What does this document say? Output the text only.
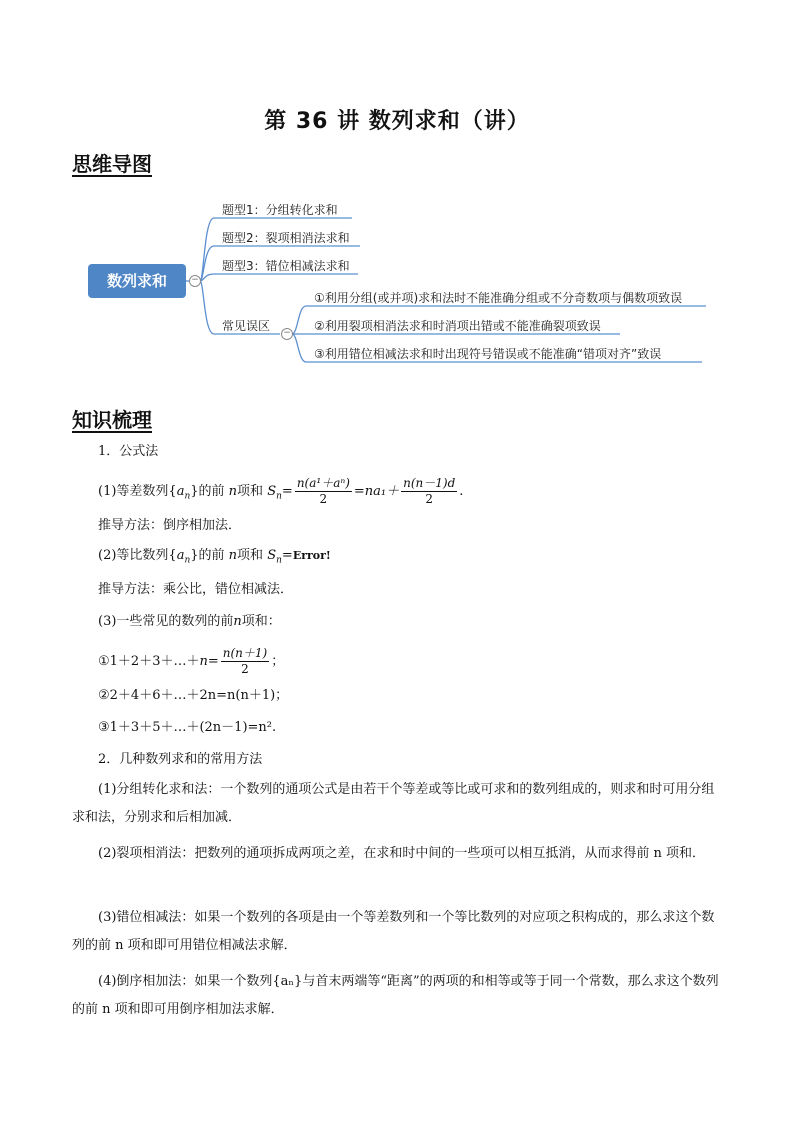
第 36 讲 数列求和（讲）
思维导图
数列求和	−
题型1：分组转化求和
题型2：裂项相消法求和
题型3：错位相减法求和
常见误区 −
①利用分组(或并项)求和法时不能准确分组或不分奇数项与偶数项致误
②利用裂项相消法求和时消项出错或不能准确裂项致误
③利用错位相减法求和时出现符号错误或不能准确“错项对齐”致误
知识梳理
1．公式法
(1)等差数列$\{a_n\}$的前 n项和 $S_n= \frac{\text{n(a¹＋aⁿ)}}{2} =na_1+ \frac{n(n-1)d}{2}$ .
推导方法：倒序相加法．
(2)等比数列$\{a_n\}$的前 n项和 $S_n=Error$!
推导方法：乘公比，错位相减法．
(3)一些常见的数列的前n项和：
①1＋2＋3＋…＋n= $\frac{n(n+1)}{2}$ ；
②2＋4＋6＋…＋2n=n(n＋1)；
③1＋3＋5＋…＋(2n－1)=n².
2．几种数列求和的常用方法
(1)分组转化求和法：一个数列的通项公式是由若干个等差或等比或可求和的数列组成的，则求和时可用分组求和法，分别求和后相加减．
(2)裂项相消法：把数列的通项拆成两项之差，在求和时中间的一些项可以相互抵消，从而求得前 n 项和．
(3)错位相减法：如果一个数列的各项是由一个等差数列和一个等比数列的对应项之积构成的，那么求这个数列的前 n 项和即可用错位相减法求解．
(4)倒序相加法：如果一个数列{aₙ}与首末两端等“距离”的两项的和相等或等于同一个常数，那么求这个数列的前 n 项和即可用倒序相加法求解．
